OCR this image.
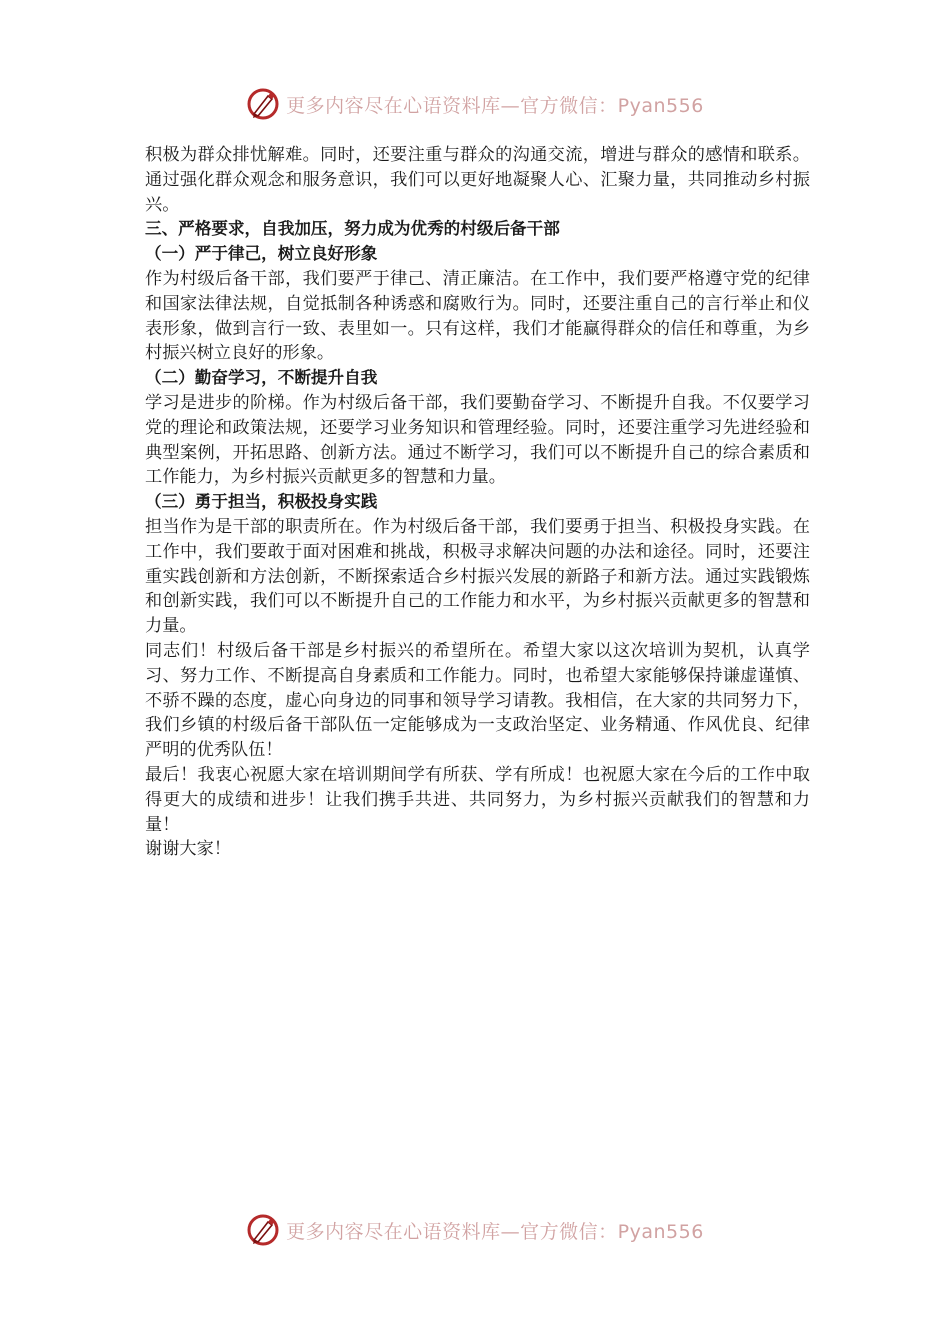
更多内容尽在心语资料库—官方微信：Pyan556

积极为群众排忧解难。同时，还要注重与群众的沟通交流，增进与群众的感情和联系。通过强化群众观念和服务意识，我们可以更好地凝聚人心、汇聚力量，共同推动乡村振兴。

三、严格要求，自我加压，努力成为优秀的村级后备干部

（一）严于律己，树立良好形象

作为村级后备干部，我们要严于律己、清正廉洁。在工作中，我们要严格遵守党的纪律和国家法律法规，自觉抵制各种诱惑和腐败行为。同时，还要注重自己的言行举止和仪表形象，做到言行一致、表里如一。只有这样，我们才能赢得群众的信任和尊重，为乡村振兴树立良好的形象。

（二）勤奋学习，不断提升自我

学习是进步的阶梯。作为村级后备干部，我们要勤奋学习、不断提升自我。不仅要学习党的理论和政策法规，还要学习业务知识和管理经验。同时，还要注重学习先进经验和典型案例，开拓思路、创新方法。通过不断学习，我们可以不断提升自己的综合素质和工作能力，为乡村振兴贡献更多的智慧和力量。

（三）勇于担当，积极投身实践

担当作为是干部的职责所在。作为村级后备干部，我们要勇于担当、积极投身实践。在工作中，我们要敢于面对困难和挑战，积极寻求解决问题的办法和途径。同时，还要注重实践创新和方法创新，不断探索适合乡村振兴发展的新路子和新方法。通过实践锻炼和创新实践，我们可以不断提升自己的工作能力和水平，为乡村振兴贡献更多的智慧和力量。

同志们！村级后备干部是乡村振兴的希望所在。希望大家以这次培训为契机，认真学习、努力工作、不断提高自身素质和工作能力。同时，也希望大家能够保持谦虚谨慎、不骄不躁的态度，虚心向身边的同事和领导学习请教。我相信，在大家的共同努力下，我们乡镇的村级后备干部队伍一定能够成为一支政治坚定、业务精通、作风优良、纪律严明的优秀队伍！

最后！我衷心祝愿大家在培训期间学有所获、学有所成！也祝愿大家在今后的工作中取得更大的成绩和进步！让我们携手共进、共同努力，为乡村振兴贡献我们的智慧和力量！

谢谢大家！

更多内容尽在心语资料库—官方微信：Pyan556
